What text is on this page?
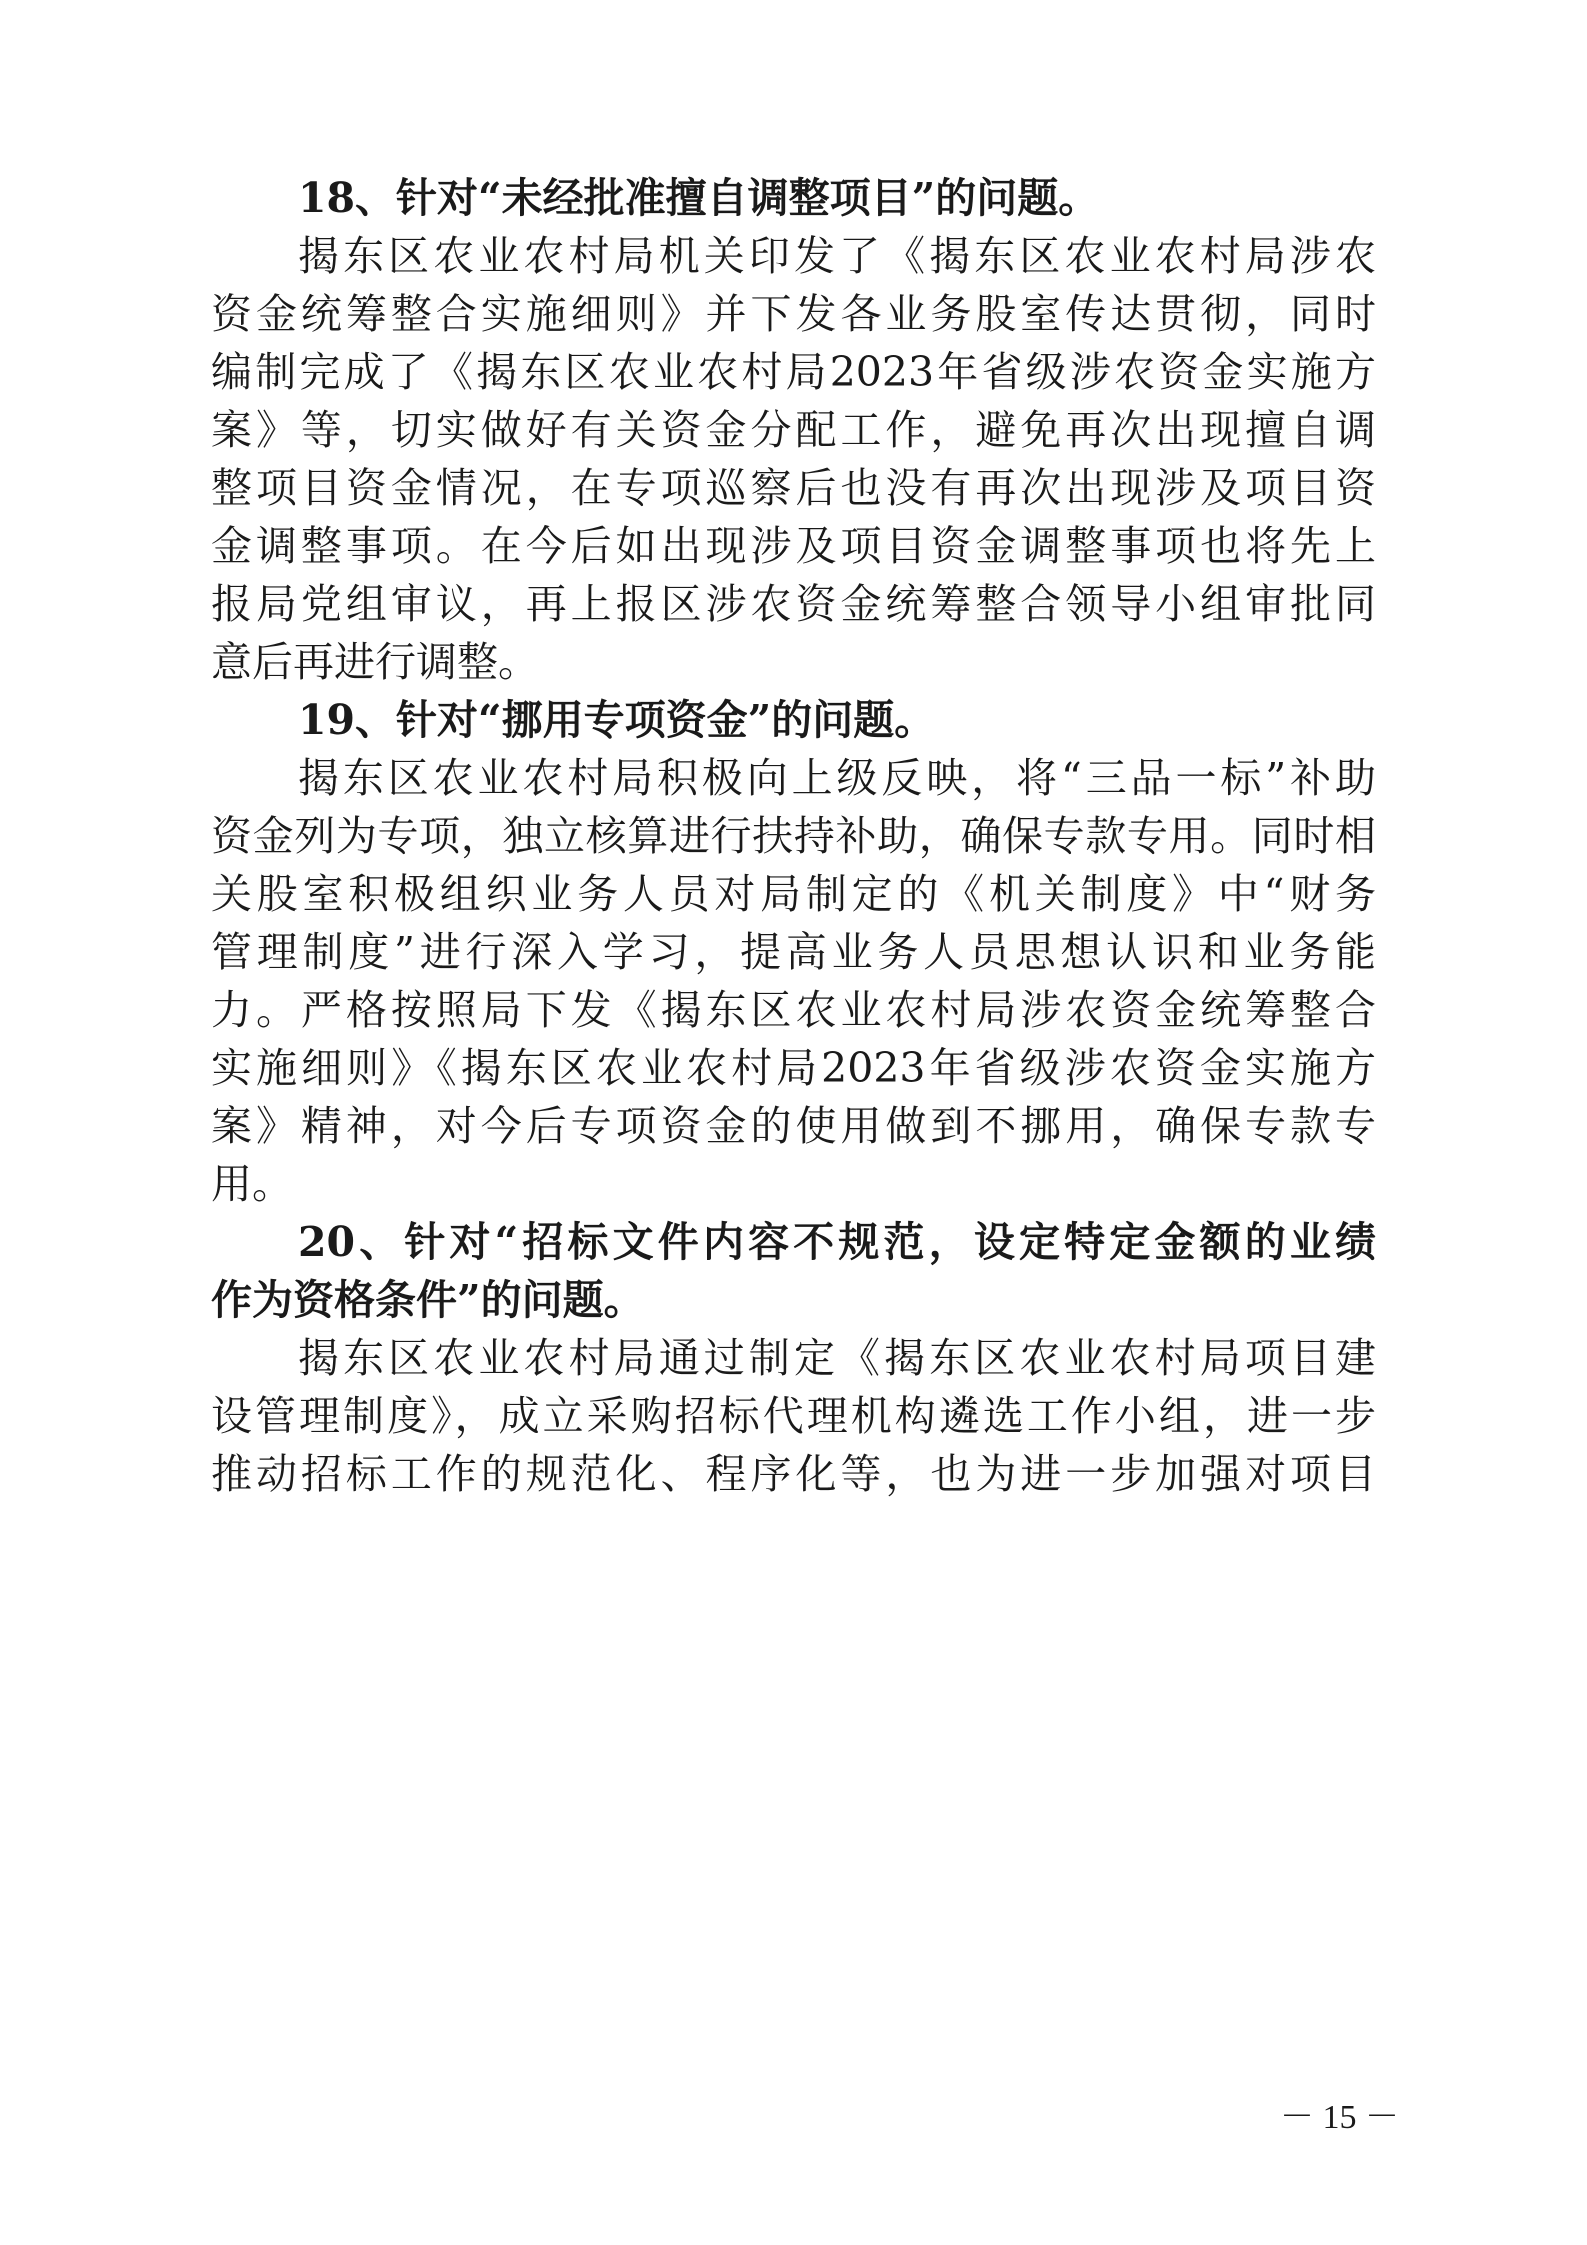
18、针对“未经批准擅自调整项目”的问题。
揭东区农业农村局机关印发了《揭东区农业农村局涉农
资金统筹整合实施细则》并下发各业务股室传达贯彻，同时
编制完成了《揭东区农业农村局2023年省级涉农资金实施方
案》等，切实做好有关资金分配工作，避免再次出现擅自调
整项目资金情况，在专项巡察后也没有再次出现涉及项目资
金调整事项。在今后如出现涉及项目资金调整事项也将先上
报局党组审议，再上报区涉农资金统筹整合领导小组审批同
意后再进行调整。
19、针对“挪用专项资金”的问题。
揭东区农业农村局积极向上级反映，将“三品一标”补助
资金列为专项，独立核算进行扶持补助，确保专款专用。同时相
关股室积极组织业务人员对局制定的《机关制度》中“财务
管理制度”进行深入学习，提高业务人员思想认识和业务能
力。严格按照局下发《揭东区农业农村局涉农资金统筹整合
实施细则》《揭东区农业农村局2023年省级涉农资金实施方
案》精神，对今后专项资金的使用做到不挪用，确保专款专
用。
20、针对“招标文件内容不规范，设定特定金额的业绩
作为资格条件”的问题。
揭东区农业农村局通过制定《揭东区农业农村局项目建
设管理制度》，成立采购招标代理机构遴选工作小组，进一步
推动招标工作的规范化、程序化等，也为进一步加强对项目
－ 15 －
